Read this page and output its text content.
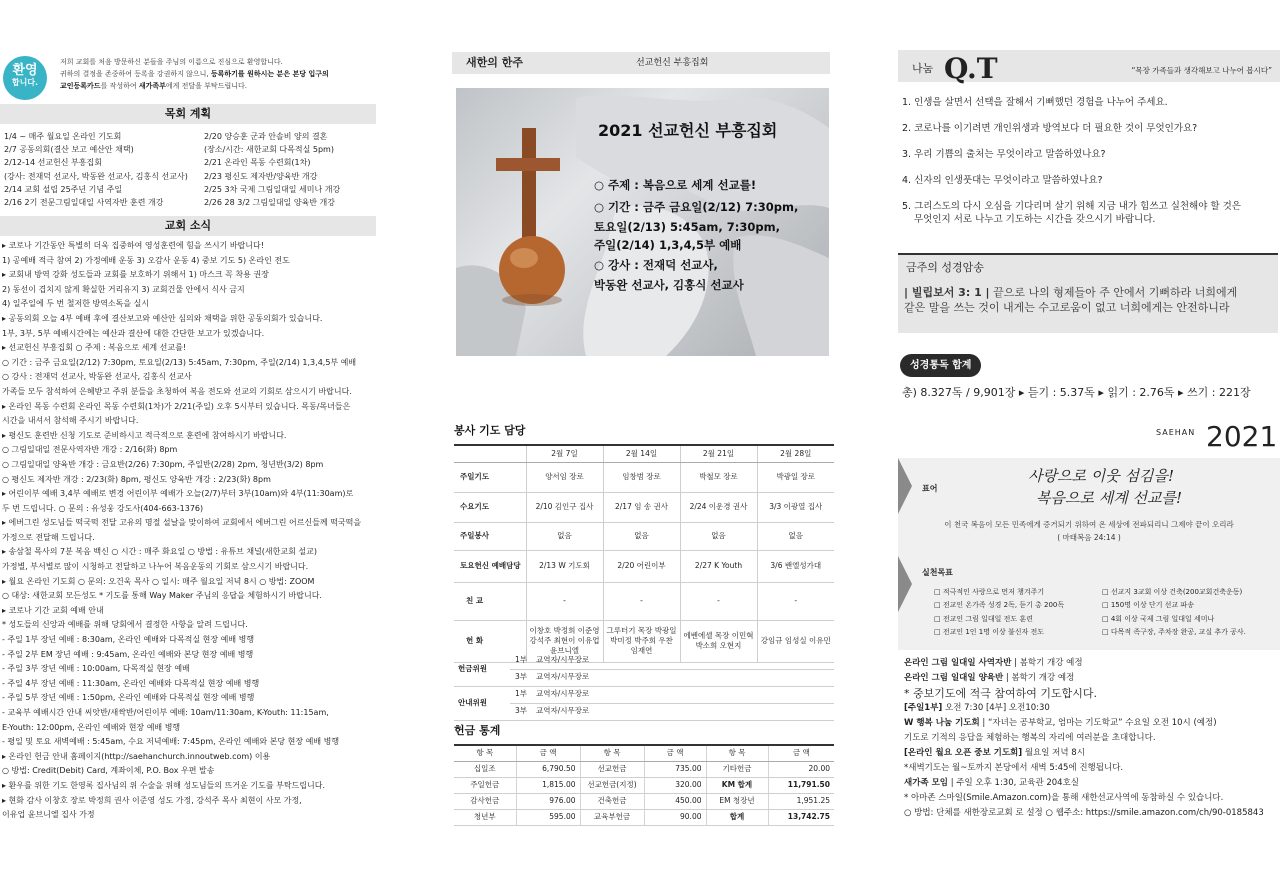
환영
합니다.
저희 교회를 처음 방문하신 분들을 주님의 이름으로 진심으로 환영합니다.
귀하의 결정을 존중하여 등록을 강권하지 않으니, 등록하기를 원하시는 분은 본당 입구의
교인등록카드를 작성하여 새가족부에게 전달을 부탁드립니다.
목회 계획
1/4 ~ 매주 월요일 온라인 기도회
2/7 공동의회(결산 보고 예산안 채택)
2/12-14 선교헌신 부흥집회
(강사: 전재덕 선교사, 박동완 선교사, 김홍식 선교사)
2/14 교회 설립 25주년 기념 주일
2/16 2기 전문그림일대일 사역자반 훈련 개강
2/20 양승훈 군과 안솔비 양의 결혼
(장소/시간: 새한교회 다목적실 5pm)
2/21 온라인 목동 수련회(1차)
2/23 평신도 제자반/양육반 개강
2/25 3차 국제 그림일대일 세미나 개강
2/26 28 3/2 그림일대일 양육반 개강
교회 소식
▸ 코로나 기간동안 특별히 더욱 집중하여 영성훈련에 힘을 쓰시기 바랍니다!
1) 공예배 적극 참여 2) 가정예배 운동 3) 오감사 운동 4) 중보 기도 5) 온라인 전도
▸ 교회내 방역 강화 성도들과 교회를 보호하기 위해서 1) 마스크 꼭 착용 권장
2) 동선이 겹치지 않게 확실한 거리유지 3) 교회건물 안에서 식사 금지
4) 일주일에 두 번 철저한 방역소독을 실시
▸ 공동의회 오늘 4부 예배 후에 결산보고와 예산안 심의와 채택을 위한 공동의회가 있습니다.
1부, 3부, 5부 예배시간에는 예산과 결산에 대한 간단한 보고가 있겠습니다.
▸ 선교헌신 부흥집회 ○ 주제 : 복음으로 세계 선교를!
○ 기간 : 금주 금요일(2/12) 7:30pm, 토요일(2/13) 5:45am, 7:30pm, 주일(2/14) 1,3,4,5부 예배
○ 강사 : 전재덕 선교사, 박동완 선교사, 김홍식 선교사
가족들 모두 참석하여 은혜받고 주위 분들을 초청하여 복음 전도와 선교의 기회로 삼으시기 바랍니다.
▸ 온라인 목동 수련회 온라인 목동 수련회(1차)가 2/21(주일) 오후 5시부터 있습니다. 목동/목녀들은
시간을 내셔서 참석해 주시기 바랍니다.
▸ 평신도 훈련반 신청 기도로 준비하시고 적극적으로 훈련에 참여하시기 바랍니다.
○ 그림일대일 전문사역자반 개강 : 2/16(화) 8pm
○ 그림일대일 양육반 개강 : 금요반(2/26) 7:30pm, 주일반(2/28) 2pm, 청년반(3/2) 8pm
○ 평신도 제자반 개강 : 2/23(화) 8pm, 평신도 양육반 개강 : 2/23(화) 8pm
▸ 어린이부 예배 3,4부 예배로 변경 어린이부 예배가 오늘(2/7)부터 3부(10am)와 4부(11:30am)로
두 번 드립니다. ○ 문의 : 유성웅 강도사(404-663-1376)
▸ 에버그린 성도님들 떡국떡 전달 고유의 명절 설날을 맞이하여 교회에서 에버그린 어르신들께 떡국떡을
가정으로 전달해 드립니다.
▸ 송삼철 목사의 7분 복음 백신 ○ 시간 : 매주 화요일 ○ 방법 : 유튜브 채널(새한교회 설교)
가정별, 부서별로 많이 시청하고 전달하고 나누어 복음운동의 기회로 삼으시기 바랍니다.
▸ 월요 온라인 기도회 ○ 문의: 오건욱 목사 ○ 일시: 매주 월요일 저녁 8시 ○ 방법: ZOOM
○ 대상: 새한교회 모든성도 * 기도를 통해 Way Maker 주님의 응답을 체험하시기 바랍니다.
▸ 코로나 기간 교회 예배 안내
* 성도들의 신앙과 예배를 위해 당회에서 결정한 사항을 알려 드립니다.
- 주일 1부 장년 예배 : 8:30am, 온라인 예배와 다목적실 현장 예배 병행
- 주일 2부 EM 장년 예배 : 9:45am, 온라인 예배와 본당 현장 예배 병행
- 주일 3부 장년 예배 : 10:00am, 다목적실 현장 예배
- 주일 4부 장년 예배 : 11:30am, 온라인 예배와 다목적실 현장 예배 병행
- 주일 5부 장년 예배 : 1:50pm, 온라인 예배와 다목적실 현장 예배 병행
- 교육부 예배시간 안내 씨앗반/새싹반/어린이부 예배: 10am/11:30am, K-Youth: 11:15am,
E-Youth: 12:00pm, 온라인 예배와 현장 예배 병행
- 평일 및 토요 새벽예배 : 5:45am, 수요 저녁예배: 7:45pm, 온라인 예배와 본당 현장 예배 병행
▸ 온라인 헌금 안내 홈페이지(http://saehanchurch.innoutweb.com) 이용
○ 방법: Credit(Debit) Card, 계좌이체, P.O. Box 우편 발송
▸ 환우를 위한 기도 한영록 집사님의 위 수술을 위해 성도님들의 뜨거운 기도를 부탁드립니다.
▸ 현화 감사 이창호 장로 박정희 권사 이준영 성도 가정, 강석주 목사 최현이 사모 가정,
이유업 윤브니엘 집사 가정
새한의 한주	선교헌신 부흥집회
2021 선교헌신 부흥집회
○ 주제 : 복음으로 세계 선교를!
○ 기간 : 금주 금요일(2/12) 7:30pm,
토요일(2/13) 5:45am, 7:30pm,
주일(2/14) 1,3,4,5부 예배
○ 강사 : 전재덕 선교사,
박동완 선교사, 김홍식 선교사
봉사 기도 담당
	2월 7일	2월 14일	2월 21일	2월 28일
주일기도	양서임 장로	임창범 장로	박철모 장로	박광일 장로
수요기도	2/10 김인구 집사	2/17 임 송 권사	2/24 이운경 권사	3/3 이광열 집사
주일봉사	없음	없음	없음	없음
토요헌신 예배담당	2/13 W 기도회	2/20 어린이부	2/27 K Youth	3/6 밴엘성가대
친 교	-	-	-	-
헌 화	이창호 박정희 이준영 강석주 최현이 이유업 윤브니엘	그루터기 목장 박광일 박미정 박주희 우찬 임재연	에벤에셀 목장 이민혁 박소희 오현지	강임규 임성실 이유민
헌금위원	1부	교역자/시무장로
	3부	교역자/시무장로
안내위원	1부	교역자/시무장로
	3부	교역자/시무장로
헌금 통계
항 목	금 액	항 목	금 액	항 목	금 액
십일조	6,790.50	선교헌금	735.00	기타헌금	20.00
주일헌금	1,815.00	선교헌금(지정)	320.00	KM 합계	11,791.50
감사헌금	976.00	건축헌금	450.00	EM 청장년	1,951.25
청년부	595.00	교육부헌금	90.00	합계	13,742.75
나눔 Q.T	“목장 가족들과 생각해보고 나누어 봅시다”
1. 인생을 살면서 선택을 잘해서 기뻐했던 경험을 나누어 주세요.
2. 코로나를 이기려면 개인위생과 방역보다 더 필요한 것이 무엇인가요?
3. 우리 기쁨의 출처는 무엇이라고 말씀하였나요?
4. 신자의 인생풋대는 무엇이라고 말씀하였나요?
5. 그리스도의 다시 오심을 기다리며 살기 위해 지금 내가 힘쓰고 실천해야 할 것은
무엇인지 서로 나누고 기도하는 시간을 갖으시기 바랍니다.
금주의 성경암송
| 빌립보서 3: 1 | 끝으로 나의 형제들아 주 안에서 기뻐하라 너희에게
같은 말을 쓰는 것이 내게는 수고로움이 없고 너희에게는 안전하니라
성경통독 합계
총) 8.327독 / 9,901장 ▸ 듣기 : 5.37독 ▸ 읽기 : 2.76독 ▸ 쓰기 : 221장
SAEHAN 2021
표어
사랑으로 이웃 섬김을!
복음으로 세계 선교를!
이 천국 복음이 모든 민족에게 증거되기 위하여 온 세상에 전파되리니 그제야 끝이 오리라
( 마태복음 24:14 )
실천목표
□ 적극적인 사랑으로 먼저 챙겨주기
□ 전교인 온가족 성경 2독, 듣기 총 200독
□ 전교인 그림 일대일 전도 훈련
□ 전교인 1인 1명 이상 불신자 전도
□ 선교지 3교회 이상 건축(200교회건축운동)
□ 150명 이상 단기 선교 파송
□ 4회 이상 국제 그림 일대일 세미나
□ 다목적 족구장, 주차장 완공, 교실 추가 공사.
온라인 그림 일대일 사역자반 | 봄학기 개강 예정
온라인 그림 일대일 양육반 | 봄학기 개강 예정
* 중보기도에 적극 참여하여 기도합시다.
[주일1부] 오전 7:30 [4부] 오전10:30
W 행복 나눔 기도회 | “자녀는 공부학교, 엄마는 기도학교” 수요일 오전 10시 (예정)
기도로 기적의 응답을 체험하는 행복의 자리에 여러분을 초대합니다.
[온라인 월요 오픈 중보 기도회] 월요일 저녁 8시
*새벽기도는 월~토까지 본당에서 새벽 5:45에 진행됩니다.
새가족 모임 | 주일 오후 1:30, 교육관 204호실
* 아마존 스마일(Smile.Amazon.com)을 통해 새한선교사역에 동참하실 수 있습니다.
○ 방법: 단체를 새한장로교회 로 설정 ○ 웹주소: https://smile.amazon.com/ch/90-0185843
